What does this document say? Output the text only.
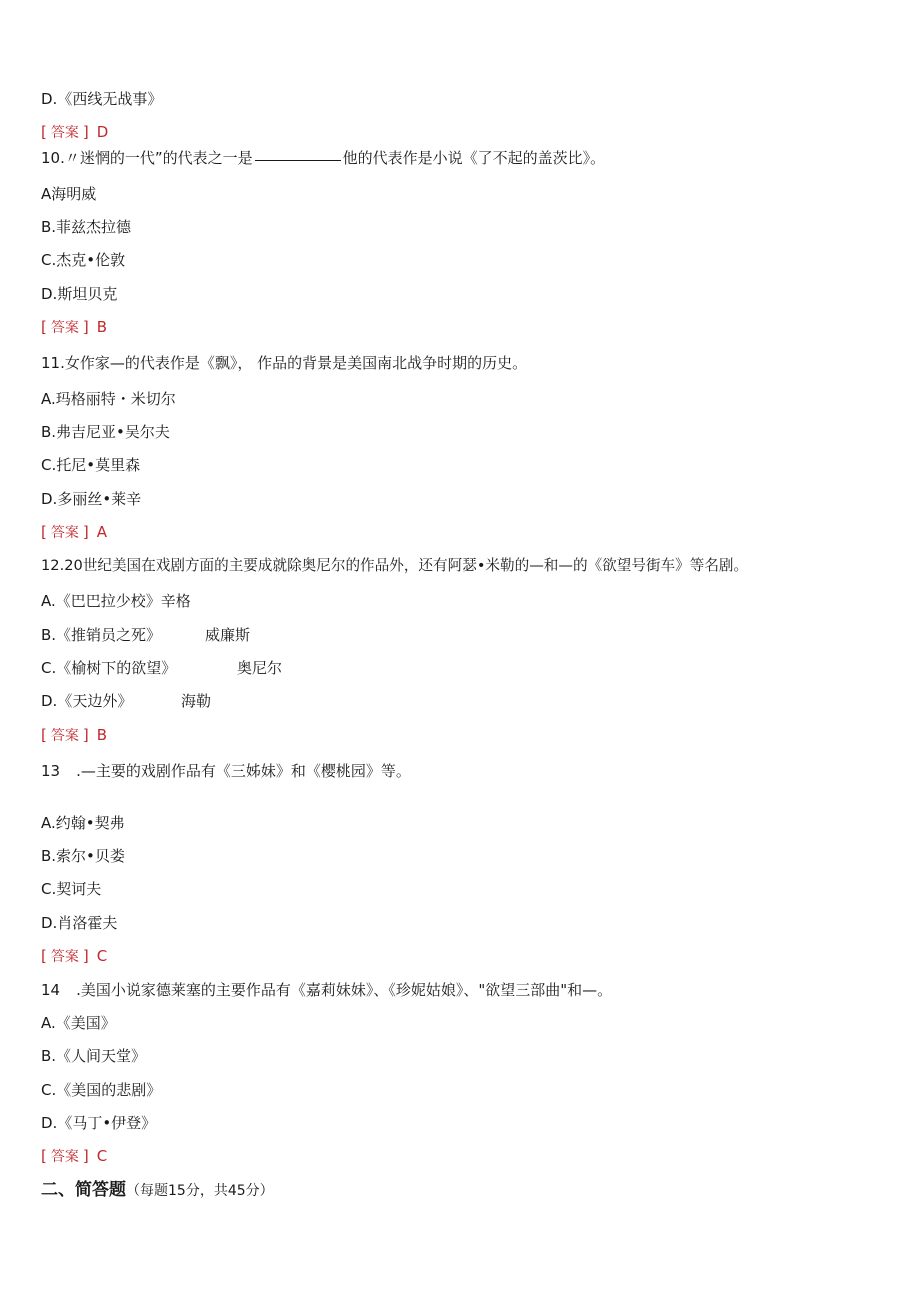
D.《西线无战事》
[ 答案 ] D
10.〃迷惘的一代”的代表之一是	他的代表作是小说《了不起的盖茨比》。
A海明威
B.菲兹杰拉德
C.杰克•伦敦
D.斯坦贝克
[ 答案 ] B
11.女作家—的代表作是《飘》， 作品的背景是美国南北战争时期的历史。
A.玛格丽特・米切尔
B.弗吉尼亚•吴尔夫
C.托尼•莫里森
D.多丽丝•莱辛
[ 答案 ] A
12.20世纪美国在戏剧方面的主要成就除奥尼尔的作品外，还有阿瑟•米勒的—和—的《欲望号街车》等名剧。
A.《巴巴拉少校》辛格
B.《推销员之死》	威廉斯
C.《榆树下的欲望》	奥尼尔
D.《天边外》	海勒
[ 答案 ] B
13 .—主要的戏剧作品有《三姊妹》和《樱桃园》等。
A.约翰•契弗
B.索尔•贝娄
C.契诃夫
D.肖洛霍夫
[ 答案 ] C
14 .美国小说家德莱塞的主要作品有《嘉莉妹妹》、《珍妮姑娘》、"欲望三部曲"和—。
A.《美国》
B.《人间天堂》
C.《美国的悲剧》
D.《马丁•伊登》
[ 答案 ] C
二、简答题（每题15分，共45分）
